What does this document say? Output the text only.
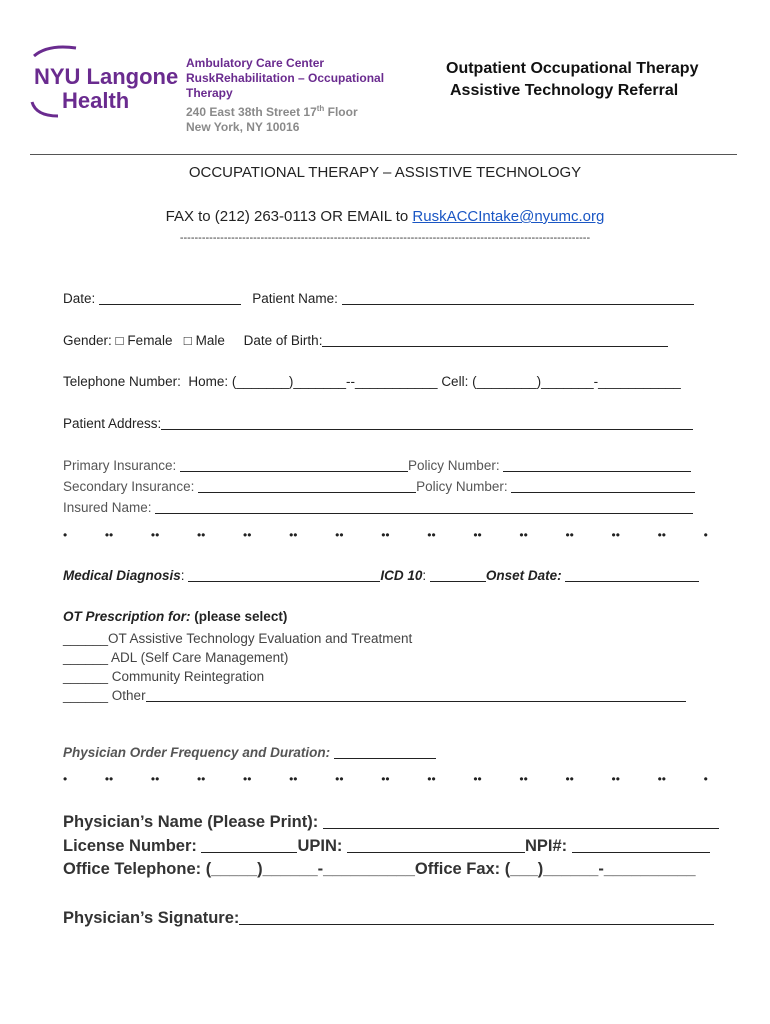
NYU Langone
Health
Ambulatory Care Center
RuskRehabilitation – Occupational
Therapy
240 East 38th Street 17th Floor
New York, NY 10016
Outpatient Occupational Therapy
Assistive Technology Referral
OCCUPATIONAL THERAPY – ASSISTIVE TECHNOLOGY
FAX to (212) 263-0113 OR EMAIL to RuskACCIntake@nyumc.org
----------------------------------------------------------------------------------------------------------------
Date:	Patient Name:
Gender: □ Female □ Male Date of Birth:
Telephone Number: Home: (_______)_______--___________ Cell: (________)_______-___________
Patient Address:
Primary Insurance:	Policy Number:
Secondary Insurance:	Policy Number:
Insured Name:
•	••	••	••	••	••	••	••	••	••	••	••	••	••	•
Medical Diagnosis:	ICD 10:	Onset Date:
OT Prescription for: (please select)
______OT Assistive Technology Evaluation and Treatment
______ ADL (Self Care Management)
______ Community Reintegration
______ Other
Physician Order Frequency and Duration:
•	••	••	••	••	••	••	••	••	••	••	••	••	••	•
Physician’s Name (Please Print):
License Number:	UPIN:	NPI#:
Office Telephone: (_____)______-__________Office Fax: (___)______-__________
Physician’s Signature:
